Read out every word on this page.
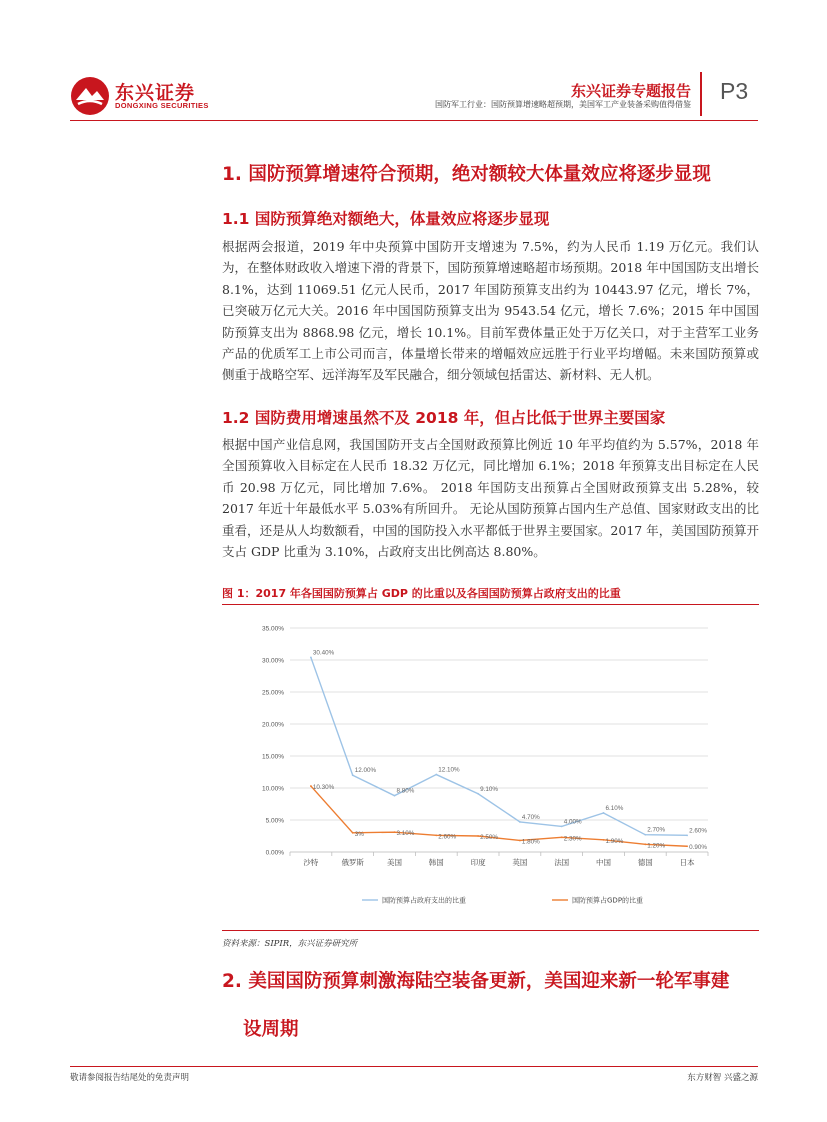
东兴证券
DONGXING SECURITIES
东兴证券专题报告
国防军工行业：国防预算增速略超预期，美国军工产业装备采购值得借鉴
P3
1. 国防预算增速符合预期，绝对额较大体量效应将逐步显现
1.1 国防预算绝对额绝大，体量效应将逐步显现

根据两会报道，2019 年中央预算中国防开支增速为 7.5%，约为人民币 1.19 万亿元。我们认为，在整体财政收入增速下滑的背景下，国防预算增速略超市场预期。2018 年中国国防支出增长 8.1%，达到 11069.51 亿元人民币，2017 年国防预算支出约为 10443.97 亿元，增长 7%，已突破万亿元大关。2016 年中国国防预算支出为 9543.54 亿元，增长 7.6%；2015 年中国国防预算支出为 8868.98 亿元，增长 10.1%。目前军费体量正处于万亿关口，对于主营军工业务产品的优质军工上市公司而言，体量增长带来的增幅效应远胜于行业平均增幅。未来国防预算或侧重于战略空军、远洋海军及军民融合，细分领域包括雷达、新材料、无人机。

1.2 国防费用增速虽然不及 2018 年，但占比低于世界主要国家

根据中国产业信息网，我国国防开支占全国财政预算比例近 10 年平均值约为 5.57%，2018 年全国预算收入目标定在人民币 18.32 万亿元，同比增加 6.1%；2018 年预算支出目标定在人民币 20.98 万亿元，同比增加 7.6%。 2018 年国防支出预算占全国财政预算支出 5.28%，较 2017 年近十年最低水平 5.03%有所回升。 无论从国防预算占国内生产总值、国家财政支出的比重看，还是从人均数额看，中国的国防投入水平都低于世界主要国家。2017 年，美国国防预算开支占 GDP 比重为 3.10%，占政府支出比例高达 8.80%。

图 1：2017 年各国国防预算占 GDP 的比重以及各国国防预算占政府支出的比重
0.00%
5.00%
10.00%
15.00%
20.00%
25.00%
30.00%
35.00%
沙特	俄罗斯	美国	韩国	印度	英国	法国	中国	德国	日本
30.40%
12.00%
8.80%
12.10%
9.10%
4.70%
4.00%
6.10%
2.70%	2.60%
10.30%
3%	3.10%	2.60%	2.50%
1.80%	2.30%	1.90%
1.20%	0.90%
国防预算占政府支出的比重	国防预算占GDP的比重
资料来源：SIPIR，东兴证券研究所
2. 美国国防预算刺激海陆空装备更新，美国迎来新一轮军事建
设周期
敬请参阅报告结尾处的免责声明	东方财智 兴盛之源
